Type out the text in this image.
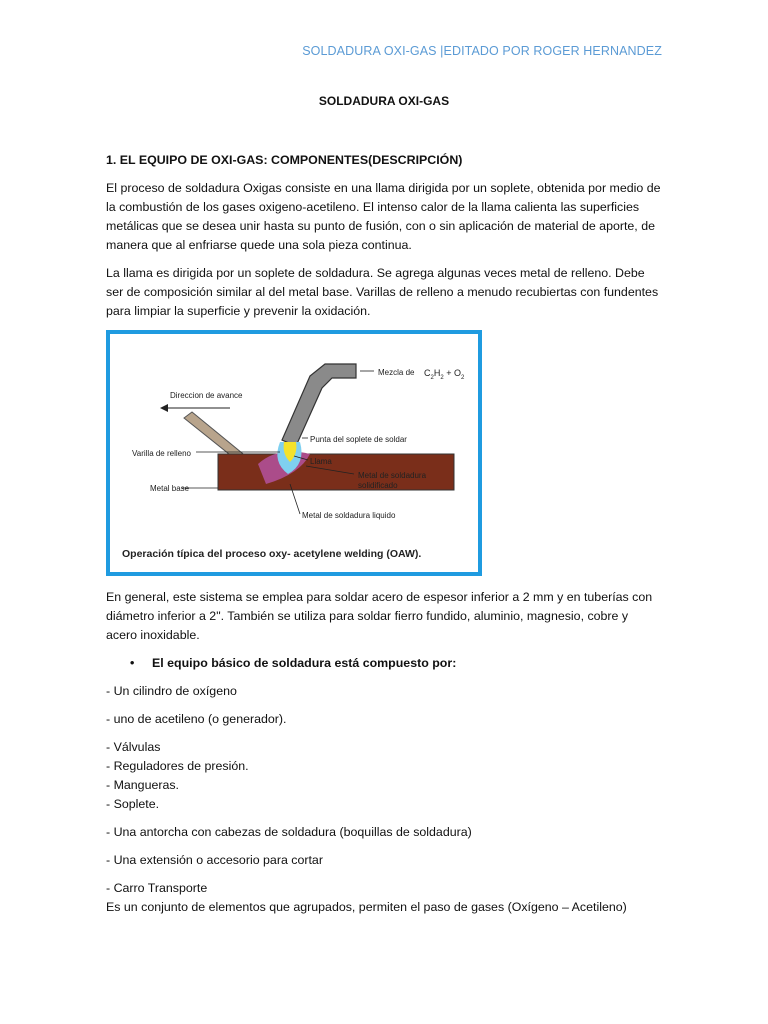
SOLDADURA OXI-GAS |EDITADO POR ROGER HERNANDEZ
SOLDADURA OXI-GAS
1. EL EQUIPO DE OXI-GAS: COMPONENTES(DESCRIPCIÓN)

El proceso de soldadura Oxigas consiste en una llama dirigida por un soplete, obtenida por medio de la combustión de los gases oxigeno-acetileno. El intenso calor de la llama calienta las superficies metálicas que se desea unir hasta su punto de fusión, con o sin aplicación de material de aporte, de manera que al enfriarse quede una sola pieza continua.

La llama es dirigida por un soplete de soldadura. Se agrega algunas veces metal de relleno. Debe ser de composición similar al del metal base. Varillas de relleno a menudo recubiertas con fundentes para limpiar la superficie y prevenir la oxidación.

Mezcla de $C_2H_2 + O_2$
Direccion de avance
Punta del soplete de soldar
Varilla de relleno
Llama
Metal de soldadura
solidificado
Metal base
Metal de soldadura liquido
Operación típica del proceso oxy- acetylene welding (OAW).

En general, este sistema se emplea para soldar acero de espesor inferior a 2 mm y en tuberías con diámetro inferior a 2". También se utiliza para soldar fierro fundido, aluminio, magnesio, cobre y acero inoxidable.

•	El equipo básico de soldadura está compuesto por:
- Un cilindro de oxígeno
- uno de acetileno (o generador).
- Válvulas
- Reguladores de presión.
- Mangueras.
- Soplete.
- Una antorcha con cabezas de soldadura (boquillas de soldadura)
- Una extensión o accesorio para cortar
- Carro Transporte
Es un conjunto de elementos que agrupados, permiten el paso de gases (Oxígeno – Acetileno)
